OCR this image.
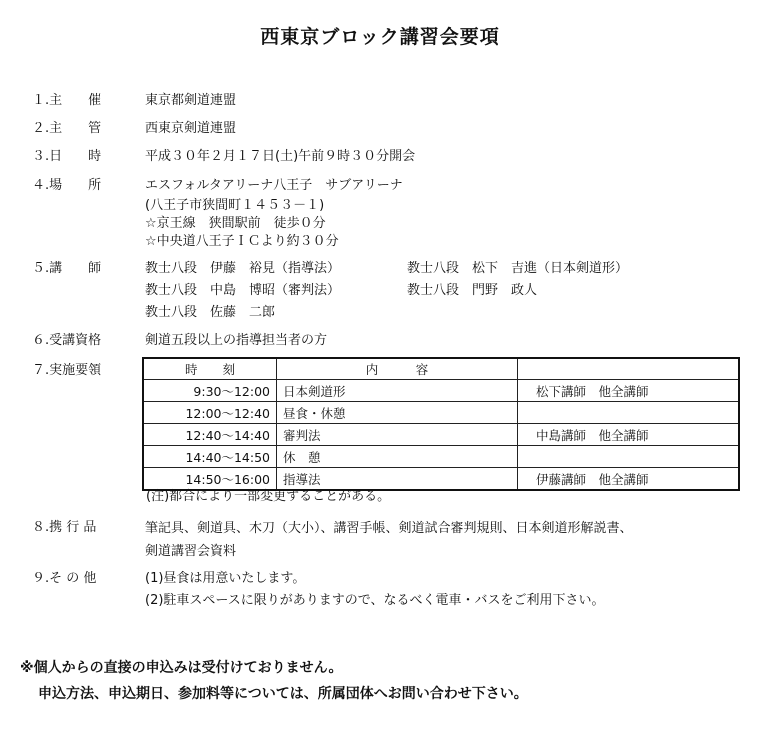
西東京ブロック講習会要項
１.主　　催	東京都剣道連盟
２.主　　管	西東京剣道連盟
３.日　　時	平成３０年２月１７日(土)午前９時３０分開会
４.場　　所	エスフォルタアリーナ八王子　サブアリーナ
(八王子市狭間町１４５３－１)
☆京王線　狭間駅前　徒歩０分
☆中央道八王子ＩＣより約３０分
５.講　　師	教士八段　伊藤　裕見（指導法）	教士八段　松下　吉進（日本剣道形）
教士八段　中島　博昭（審判法）	教士八段　門野　政人
教士八段　佐藤　二郎
６.受講資格	剣道五段以上の指導担当者の方
７.実施要領	時　　刻	内　　　容	
9:30～12:00	日本剣道形	松下講師　他全講師
12:00～12:40	昼食・休憩	
12:40～14:40	審判法	中島講師　他全講師
14:40～14:50	休　憩	
14:50～16:00	指導法	伊藤講師　他全講師
(注)都合により一部変更することがある。
８.携 行 品	筆記具、剣道具、木刀（大小）、講習手帳、剣道試合審判規則、日本剣道形解説書、
剣道講習会資料
９.そ の 他	(1)昼食は用意いたします。
(2)駐車スペースに限りがありますので、なるべく電車・バスをご利用下さい。
※個人からの直接の申込みは受付けておりません。
申込方法、申込期日、参加料等については、所属団体へお問い合わせ下さい。
